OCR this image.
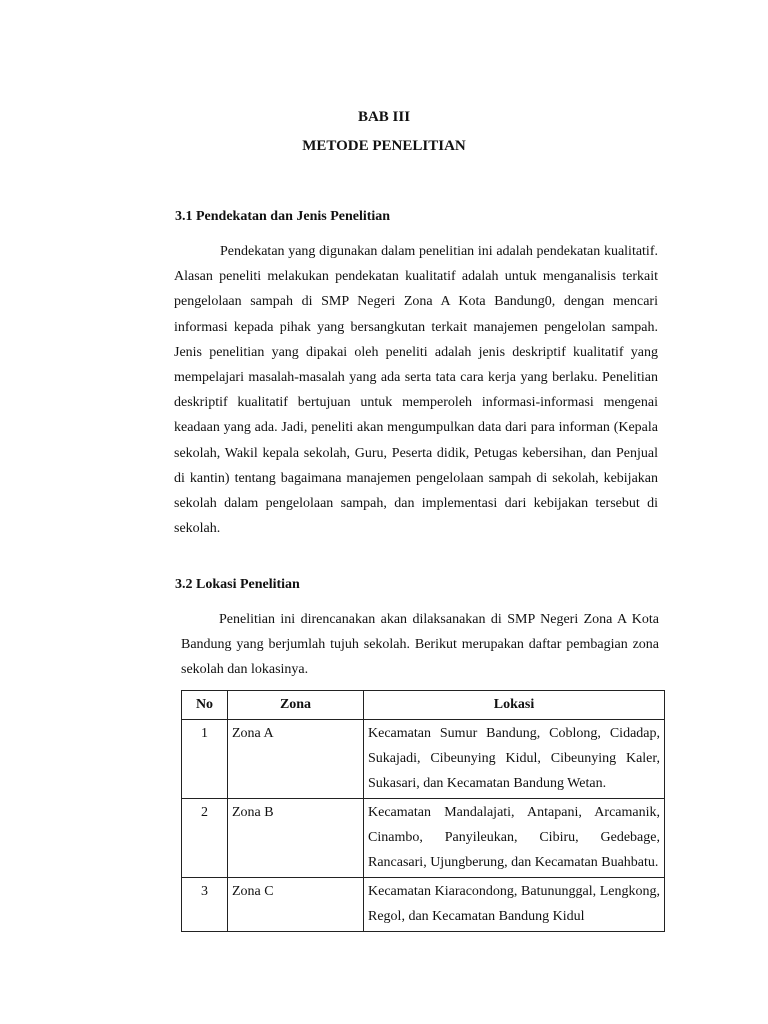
BAB III
METODE PENELITIAN
3.1 Pendekatan dan Jenis Penelitian

Pendekatan yang digunakan dalam penelitian ini adalah pendekatan kualitatif. Alasan peneliti melakukan pendekatan kualitatif adalah untuk menganalisis terkait pengelolaan sampah di SMP Negeri Zona A Kota Bandung0, dengan mencari informasi kepada pihak yang bersangkutan terkait manajemen pengelolan sampah. Jenis penelitian yang dipakai oleh peneliti adalah jenis deskriptif kualitatif yang mempelajari masalah-masalah yang ada serta tata cara kerja yang berlaku. Penelitian deskriptif kualitatif bertujuan untuk memperoleh informasi-informasi mengenai keadaan yang ada. Jadi, peneliti akan mengumpulkan data dari para informan (Kepala sekolah, Wakil kepala sekolah, Guru, Peserta didik, Petugas kebersihan, dan Penjual di kantin) tentang bagaimana manajemen pengelolaan sampah di sekolah, kebijakan sekolah dalam pengelolaan sampah, dan implementasi dari kebijakan tersebut di sekolah.

3.2 Lokasi Penelitian

Penelitian ini direncanakan akan dilaksanakan di SMP Negeri Zona A Kota Bandung yang berjumlah tujuh sekolah. Berikut merupakan daftar pembagian zona sekolah dan lokasinya.

No	Zona	Lokasi
1	Zona A	Kecamatan Sumur Bandung, Coblong, Cidadap, Sukajadi, Cibeunying Kidul, Cibeunying Kaler, Sukasari, dan Kecamatan Bandung Wetan.
2	Zona B	Kecamatan Mandalajati, Antapani, Arcamanik, Cinambo, Panyileukan, Cibiru, Gedebage, Rancasari, Ujungberung, dan Kecamatan Buahbatu.
3	Zona C	Kecamatan Kiaracondong, Batununggal, Lengkong, Regol, dan Kecamatan Bandung Kidul
